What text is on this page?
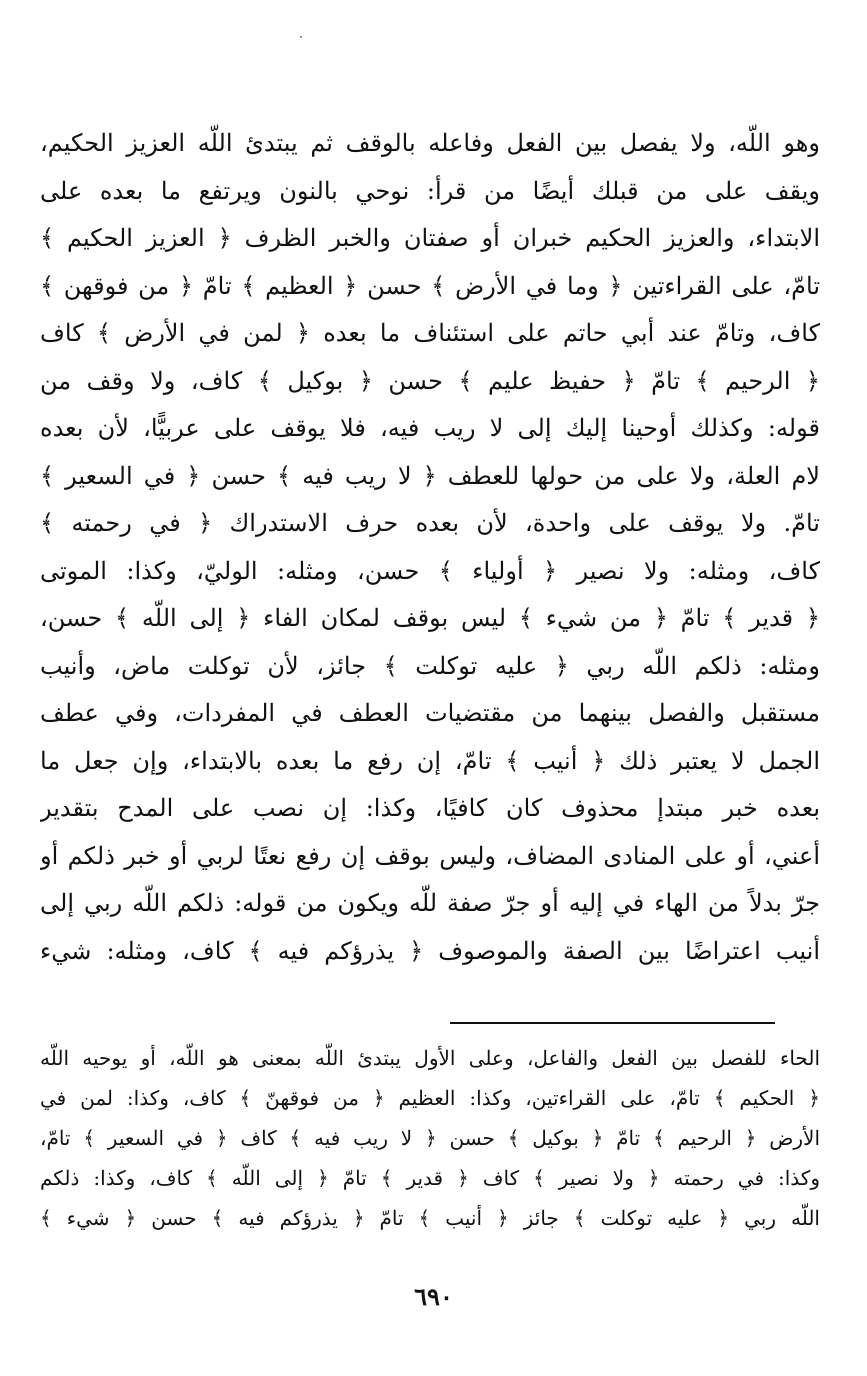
وهو اللّه، ولا يفصل بين الفعل وفاعله بالوقف ثم يبتدئ اللّه العزيز الحكيم،
ويقف على من قبلك أيضًا من قرأ: نوحي بالنون ويرتفع ما بعده على
الابتداء، والعزيز الحكيم خبران أو صفتان والخبر الظرف ﴿ العزيز الحكيم ﴾
تامّ، على القراءتين ﴿ وما في الأرض ﴾ حسن ﴿ العظيم ﴾ تامّ ﴿ من فوقهن ﴾
كاف، وتامّ عند أبي حاتم على استئناف ما بعده ﴿ لمن في الأرض ﴾ كاف
﴿ الرحيم ﴾ تامّ ﴿ حفيظ عليم ﴾ حسن ﴿ بوكيل ﴾ كاف، ولا وقف من
قوله: وكذلك أوحينا إليك إلى لا ريب فيه، فلا يوقف على عربيًّا، لأن بعده
لام العلة، ولا على من حولها للعطف ﴿ لا ريب فيه ﴾ حسن ﴿ في السعير ﴾
تامّ. ولا يوقف على واحدة، لأن بعده حرف الاستدراك ﴿ في رحمته ﴾
كاف، ومثله: ولا نصير ﴿ أولياء ﴾ حسن، ومثله: الوليّ، وكذا: الموتى
﴿ قدير ﴾ تامّ ﴿ من شيء ﴾ ليس بوقف لمكان الفاء ﴿ إلى اللّه ﴾ حسن،
ومثله: ذلكم اللّه ربي ﴿ عليه توكلت ﴾ جائز، لأن توكلت ماض، وأنيب
مستقبل والفصل بينهما من مقتضيات العطف في المفردات، وفي عطف
الجمل لا يعتبر ذلك ﴿ أنيب ﴾ تامّ، إن رفع ما بعده بالابتداء، وإن جعل ما
بعده خبر مبتدإ محذوف كان كافيًا، وكذا: إن نصب على المدح بتقدير
أعني، أو على المنادى المضاف، وليس بوقف إن رفع نعتًا لربي أو خبر ذلكم أو
جرّ بدلاً من الهاء في إليه أو جرّ صفة للّه ويكون من قوله: ذلكم اللّه ربي إلى
أنيب اعتراضًا بين الصفة والموصوف ﴿ يذرؤكم فيه ﴾ كاف، ومثله: شيء
الحاء للفصل بين الفعل والفاعل، وعلى الأول يبتدئ اللّه بمعنى هو اللّه، أو يوحيه اللّه
﴿ الحكيم ﴾ تامّ، على القراءتين، وكذا: العظيم ﴿ من فوقهنّ ﴾ كاف، وكذا: لمن في
الأرض ﴿ الرحيم ﴾ تامّ ﴿ بوكيل ﴾ حسن ﴿ لا ريب فيه ﴾ كاف ﴿ في السعير ﴾ تامّ،
وكذا: في رحمته ﴿ ولا نصير ﴾ كاف ﴿ قدير ﴾ تامّ ﴿ إلى اللّه ﴾ كاف، وكذا: ذلكم
اللّه ربي ﴿ عليه توكلت ﴾ جائز ﴿ أنيب ﴾ تامّ ﴿ يذرؤكم فيه ﴾ حسن ﴿ شيء ﴾
٦٩٠
